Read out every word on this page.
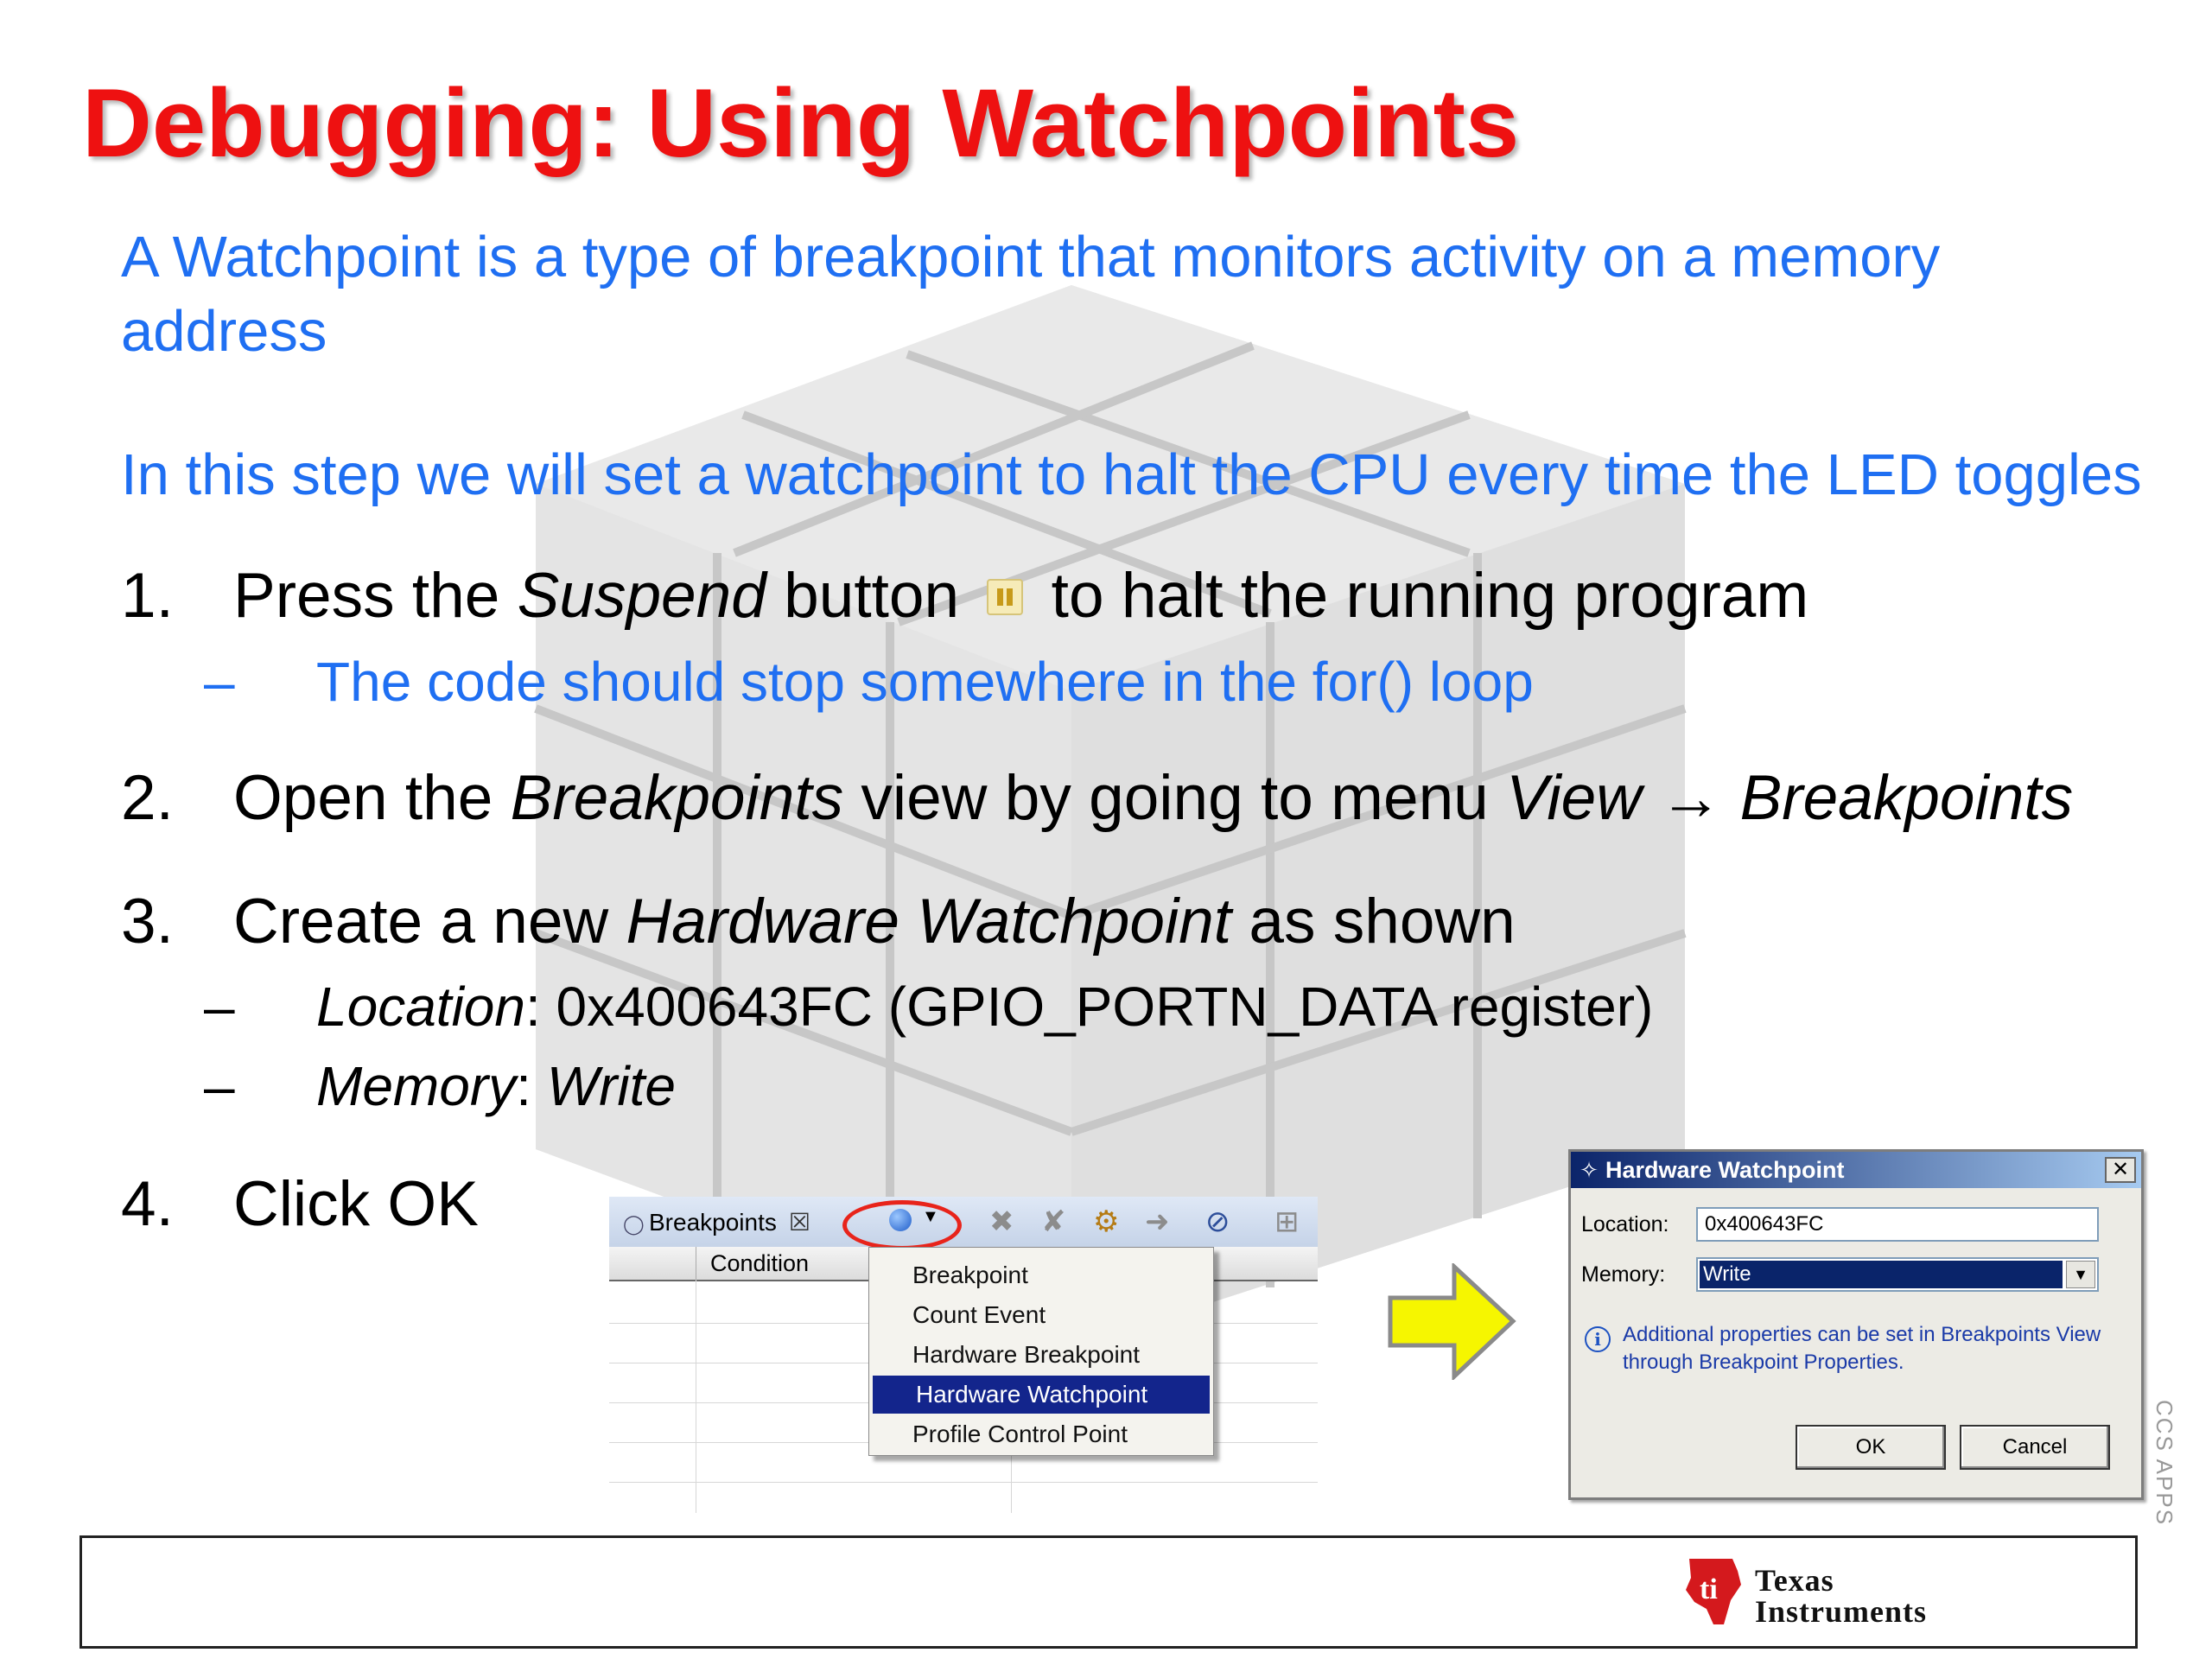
Debugging: Using Watchpoints

A Watchpoint is a type of breakpoint that monitors activity on a memory address

In this step we will set a watchpoint to halt the CPU every time the LED toggles

1. Press the Suspend button  to halt the running program
– The code should stop somewhere in the for() loop
2. Open the Breakpoints view by going to menu View → Breakpoints
3. Create a new Hardware Watchpoint as shown
– Location: 0x400643FC (GPIO_PORTN_DATA register)
– Memory: Write
4. Click OK	◯ Breakpoints ☒	▼ ✖ ✘ ⚙ ➜ ⊘ ⊞
Condition	Breakpoint
Count Event
Hardware Breakpoint
Hardware Watchpoint
Profile Control Point
✧ Hardware Watchpoint	✕
Location:	0x400643FC
Memory: Write	▼
i	Additional properties can be set in Breakpoints View through Breakpoint Properties.
OK	Cancel	CCS APPS
ti Texas
Instruments
